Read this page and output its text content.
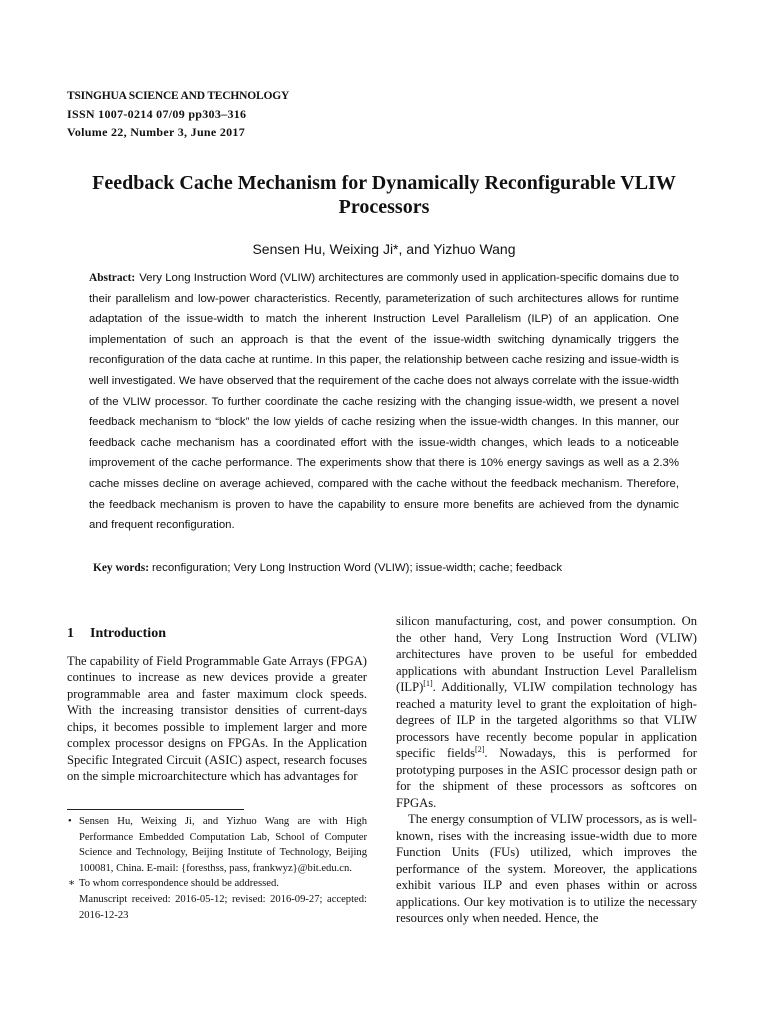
TSINGHUA SCIENCE AND TECHNOLOGY
ISSN 1007-0214 07/09 pp303–316
Volume 22, Number 3, June 2017
Feedback Cache Mechanism for Dynamically Reconfigurable VLIW
Processors
Sensen Hu, Weixing Ji*, and Yizhuo Wang
Abstract: Very Long Instruction Word (VLIW) architectures are commonly used in application-specific domains due to their parallelism and low-power characteristics. Recently, parameterization of such architectures allows for runtime adaptation of the issue-width to match the inherent Instruction Level Parallelism (ILP) of an application. One implementation of such an approach is that the event of the issue-width switching dynamically triggers the reconfiguration of the data cache at runtime. In this paper, the relationship between cache resizing and issue-width is well investigated. We have observed that the requirement of the cache does not always correlate with the issue-width of the VLIW processor. To further coordinate the cache resizing with the changing issue-width, we present a novel feedback mechanism to “block” the low yields of cache resizing when the issue-width changes. In this manner, our feedback cache mechanism has a coordinated effort with the issue-width changes, which leads to a noticeable improvement of the cache performance. The experiments show that there is 10% energy savings as well as a 2.3% cache misses decline on average achieved, compared with the cache without the feedback mechanism. Therefore, the feedback mechanism is proven to have the capability to ensure more benefits are achieved from the dynamic and frequent reconfiguration.
Key words: reconfiguration; Very Long Instruction Word (VLIW); issue-width; cache; feedback
1 Introduction

The capability of Field Programmable Gate Arrays (FPGA) continues to increase as new devices provide a greater programmable area and faster maximum clock speeds. With the increasing transistor densities of current-days chips, it becomes possible to implement larger and more complex processor designs on FPGAs. In the Application Specific Integrated Circuit (ASIC) aspect, research focuses on the simple microarchitecture which has advantages for

• Sensen Hu, Weixing Ji, and Yizhuo Wang are with High Performance Embedded Computation Lab, School of Computer Science and Technology, Beijing Institute of Technology, Beijing 100081, China. E-mail: {foresthss, pass, frankwyz}@bit.edu.cn.
∗ To whom correspondence should be addressed.
Manuscript received: 2016-05-12; revised: 2016-09-27; accepted: 2016-12-23

silicon manufacturing, cost, and power consumption. On the other hand, Very Long Instruction Word (VLIW) architectures have proven to be useful for embedded applications with abundant Instruction Level Parallelism (ILP)[1]. Additionally, VLIW compilation technology has reached a maturity level to grant the exploitation of high-degrees of ILP in the targeted algorithms so that VLIW processors have recently become popular in application specific fields[2]. Nowadays, this is performed for prototyping purposes in the ASIC processor design path or for the shipment of these processors as softcores on FPGAs.

The energy consumption of VLIW processors, as is well-known, rises with the increasing issue-width due to more Function Units (FUs) utilized, which improves the performance of the system. Moreover, the applications exhibit various ILP and even phases within or across applications. Our key motivation is to utilize the necessary resources only when needed. Hence, the
